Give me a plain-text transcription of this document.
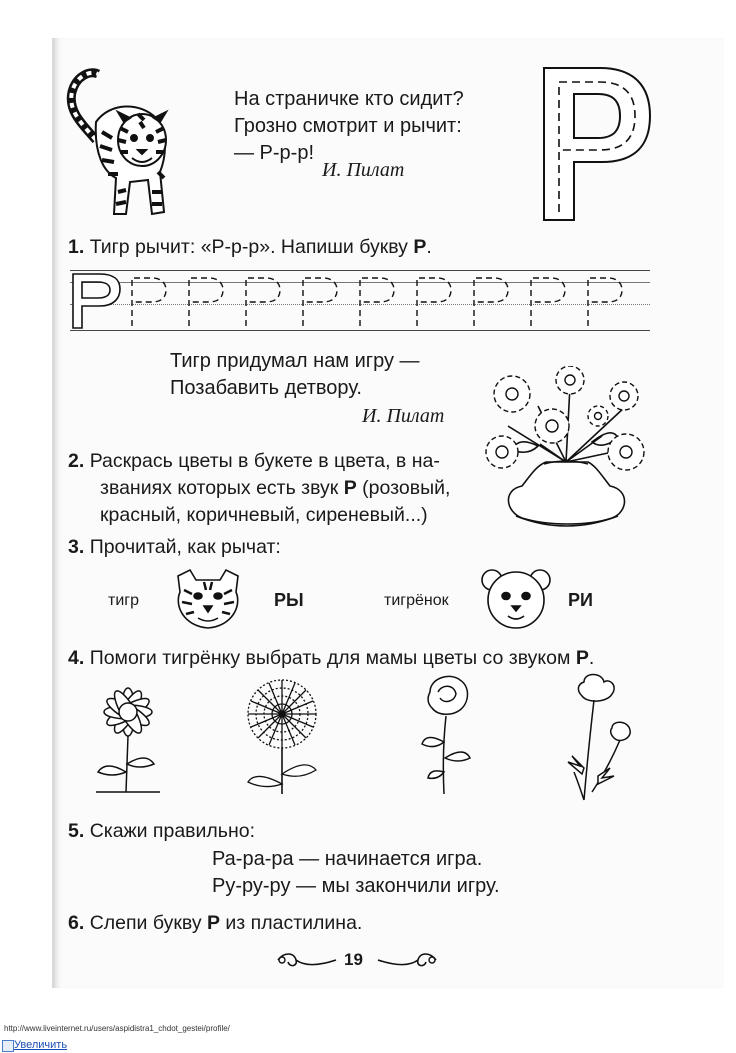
На страничке кто сидит?
Грозно смотрит и рычит:
— Р-р-р!
И. Пилат
Р
1. Тигр рычит: «Р-р-р». Напиши букву Р.
Тигр придумал нам игру —
Позабавить детвору.
И. Пилат
2. Раскрась цветы в букете в цвета, в на-
званиях которых есть звук Р (розовый,
красный, коричневый, сиреневый...)
3. Прочитай, как рычат:
тигр	РЫ	тигрёнок	РИ
4. Помоги тигрёнку выбрать для мамы цветы со звуком Р.
5. Скажи правильно:
Ра-ра-ра — начинается игра.
Ру-ру-ру — мы закончили игру.
6. Слепи букву Р из пластилина.
19
http://www.liveinternet.ru/users/aspidistra1_chdot_gestei/profile/
Увеличить
